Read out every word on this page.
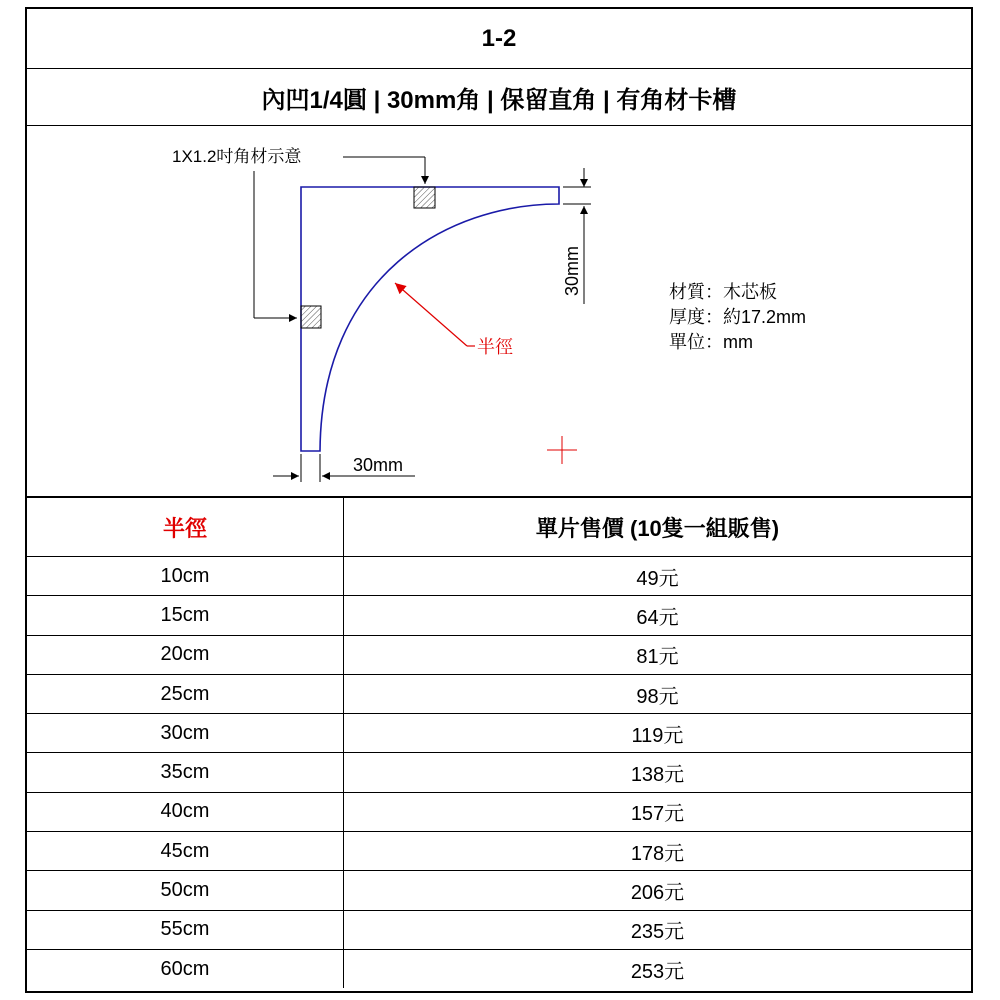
1-2
內凹1/4圓 | 30mm角 | 保留直角 | 有角材卡槽
1X1.2吋角材示意
30mm
30mm
半徑
材質：木芯板
厚度：約17.2mm
單位：mm
半徑	單片售價 (10隻一組販售)
10cm	49元
15cm	64元
20cm	81元
25cm	98元
30cm	119元
35cm	138元
40cm	157元
45cm	178元
50cm	206元
55cm	235元
60cm	253元
